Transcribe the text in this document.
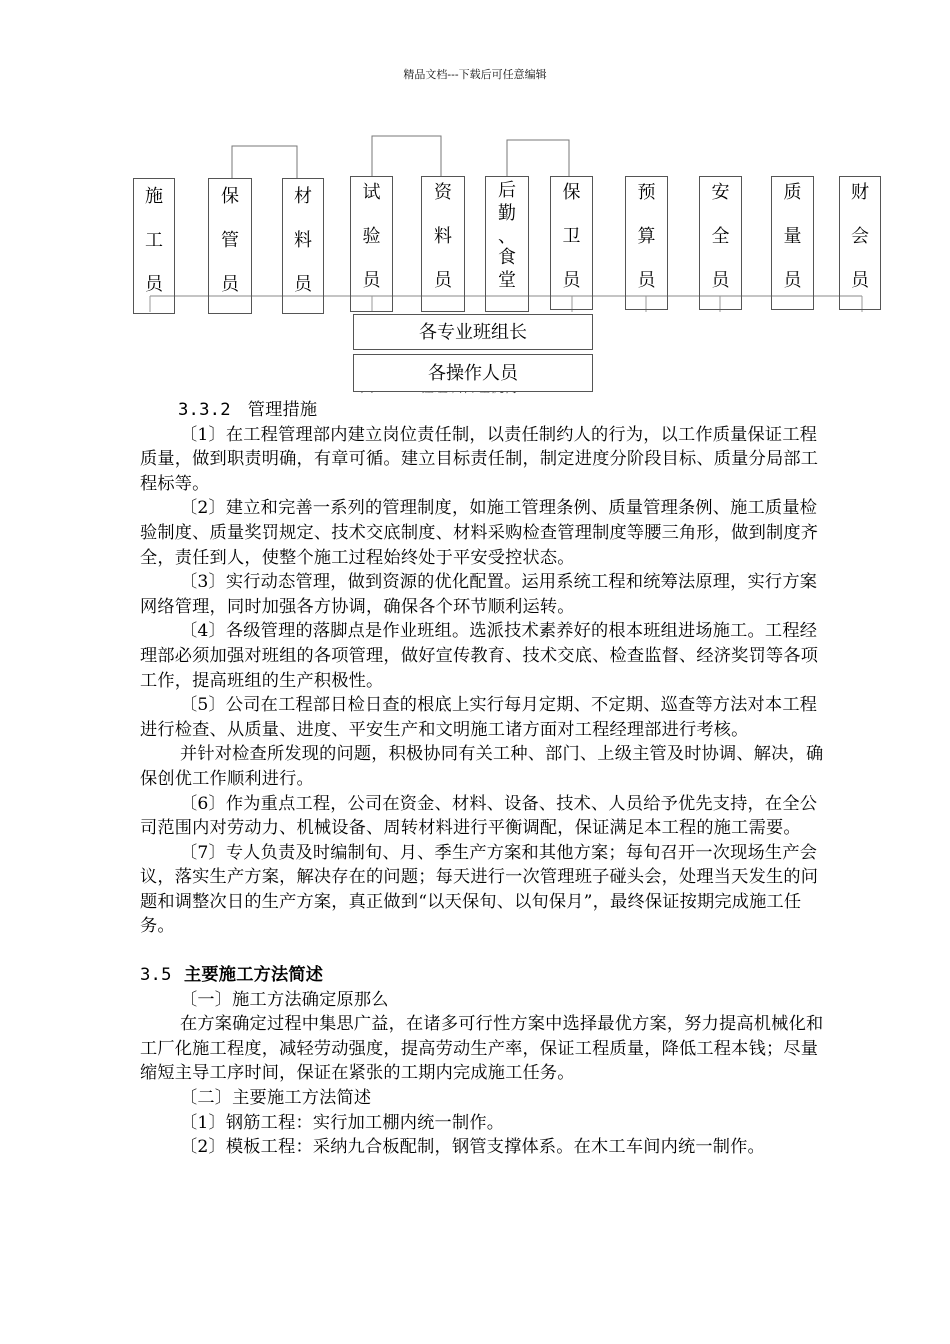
精品文档---下载后可任意编辑
施
工
员
保
管
员
材
料
员
试
验
员
资
料
员
后
勤
、
食
堂
保
卫
员
预
算
员
安
全
员
质
量
员
财
会
员
各专业班组长
各操作人员

3.3.2 管理措施

〔1〕在工程管理部内建立岗位责任制，以责任制约人的行为，以工作质量保证工程质量，做到职责明确，有章可循。建立目标责任制，制定进度分阶段目标、质量分局部工程标等。

〔2〕建立和完善一系列的管理制度，如施工管理条例、质量管理条例、施工质量检验制度、质量奖罚规定、技术交底制度、材料采购检查管理制度等腰三角形，做到制度齐全，责任到人，使整个施工过程始终处于平安受控状态。

〔3〕实行动态管理，做到资源的优化配置。运用系统工程和统筹法原理，实行方案网络管理，同时加强各方协调，确保各个环节顺利运转。

〔4〕各级管理的落脚点是作业班组。选派技术素养好的根本班组进场施工。工程经理部必须加强对班组的各项管理，做好宣传教育、技术交底、检查监督、经济奖罚等各项工作，提高班组的生产积极性。

〔5〕公司在工程部日检日查的根底上实行每月定期、不定期、巡查等方法对本工程进行检查、从质量、进度、平安生产和文明施工诸方面对工程经理部进行考核。

并针对检查所发现的问题，积极协同有关工种、部门、上级主管及时协调、解决，确保创优工作顺利进行。

〔6〕作为重点工程，公司在资金、材料、设备、技术、人员给予优先支持，在全公司范围内对劳动力、机械设备、周转材料进行平衡调配，保证满足本工程的施工需要。

〔7〕专人负责及时编制旬、月、季生产方案和其他方案；每旬召开一次现场生产会议，落实生产方案，解决存在的问题；每天进行一次管理班子碰头会，处理当天发生的问题和调整次日的生产方案，真正做到“以天保旬、以旬保月”，最终保证按期完成施工任务。

3.5 主要施工方法简述

〔一〕施工方法确定原那么

在方案确定过程中集思广益，在诸多可行性方案中选择最优方案，努力提高机械化和工厂化施工程度，减轻劳动强度，提高劳动生产率，保证工程质量，降低工程本钱；尽量缩短主导工序时间，保证在紧张的工期内完成施工任务。

〔二〕主要施工方法简述

〔1〕钢筋工程：实行加工棚内统一制作。

〔2〕模板工程：采纳九合板配制，钢管支撑体系。在木工车间内统一制作。
